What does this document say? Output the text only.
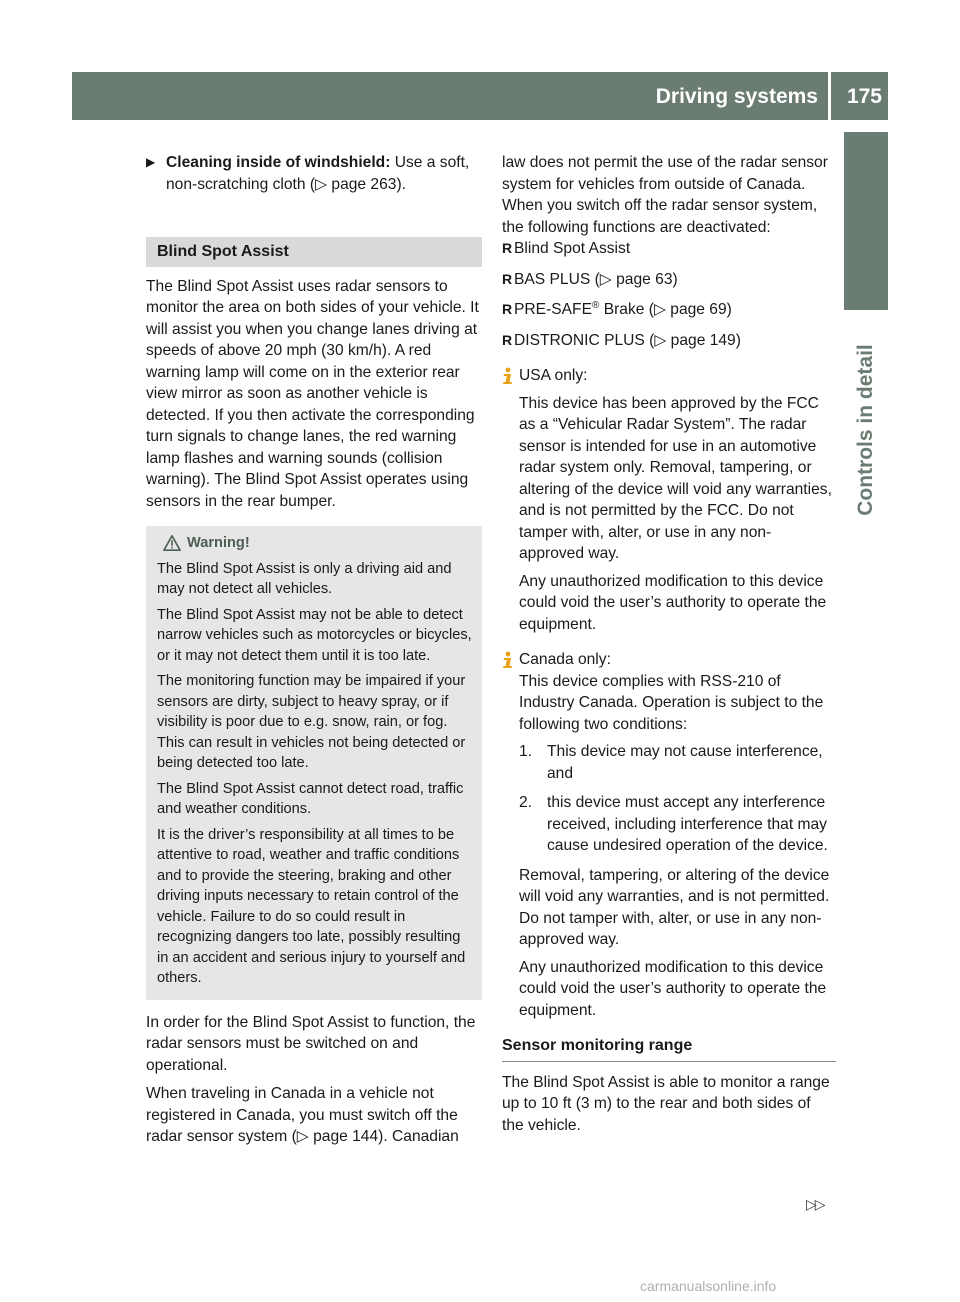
Driving systems 175
Controls in detail
▶ Cleaning inside of windshield: Use a soft, non-scratching cloth (▷ page 263).
Blind Spot Assist

The Blind Spot Assist uses radar sensors to monitor the area on both sides of your vehicle. It will assist you when you change lanes driving at speeds of above 20 mph (30 km/h). A red warning lamp will come on in the exterior rear view mirror as soon as another vehicle is detected. If you then activate the corresponding turn signals to change lanes, the red warning lamp flashes and warning sounds (collision warning). The Blind Spot Assist operates using sensors in the rear bumper.

Warning!

The Blind Spot Assist is only a driving aid and may not detect all vehicles.

The Blind Spot Assist may not be able to detect narrow vehicles such as motorcycles or bicycles, or it may not detect them until it is too late.

The monitoring function may be impaired if your sensors are dirty, subject to heavy spray, or if visibility is poor due to e.g. snow, rain, or fog. This can result in vehicles not being detected or being detected too late.

The Blind Spot Assist cannot detect road, traffic and weather conditions.

It is the driver’s responsibility at all times to be attentive to road, weather and traffic conditions and to provide the steering, braking and other driving inputs necessary to retain control of the vehicle. Failure to do so could result in recognizing dangers too late, possibly resulting in an accident and serious injury to yourself and others.

In order for the Blind Spot Assist to function, the radar sensors must be switched on and operational.

When traveling in Canada in a vehicle not registered in Canada, you must switch off the radar sensor system (▷ page 144). Canadian

law does not permit the use of the radar sensor system for vehicles from outside of Canada. When you switch off the radar sensor system, the following functions are deactivated:

R Blind Spot Assist
R BAS PLUS (▷ page 63)
R PRE-SAFE® Brake (▷ page 69)
R DISTRONIC PLUS (▷ page 149)

USA only:

This device has been approved by the FCC as a “Vehicular Radar System”. The radar sensor is intended for use in an automotive radar system only. Removal, tampering, or altering of the device will void any warranties, and is not permitted by the FCC. Do not tamper with, alter, or use in any non-approved way.

Any unauthorized modification to this device could void the user’s authority to operate the equipment.

Canada only:

This device complies with RSS-210 of Industry Canada. Operation is subject to the following two conditions:

1. This device may not cause interference, and
2. this device must accept any interference received, including interference that may cause undesired operation of the device.

Removal, tampering, or altering of the device will void any warranties, and is not permitted. Do not tamper with, alter, or use in any non-approved way.

Any unauthorized modification to this device could void the user’s authority to operate the equipment.

Sensor monitoring range

The Blind Spot Assist is able to monitor a range up to 10 ft (3 m) to the rear and both sides of the vehicle.

▷▷
carmanualsonline.info
